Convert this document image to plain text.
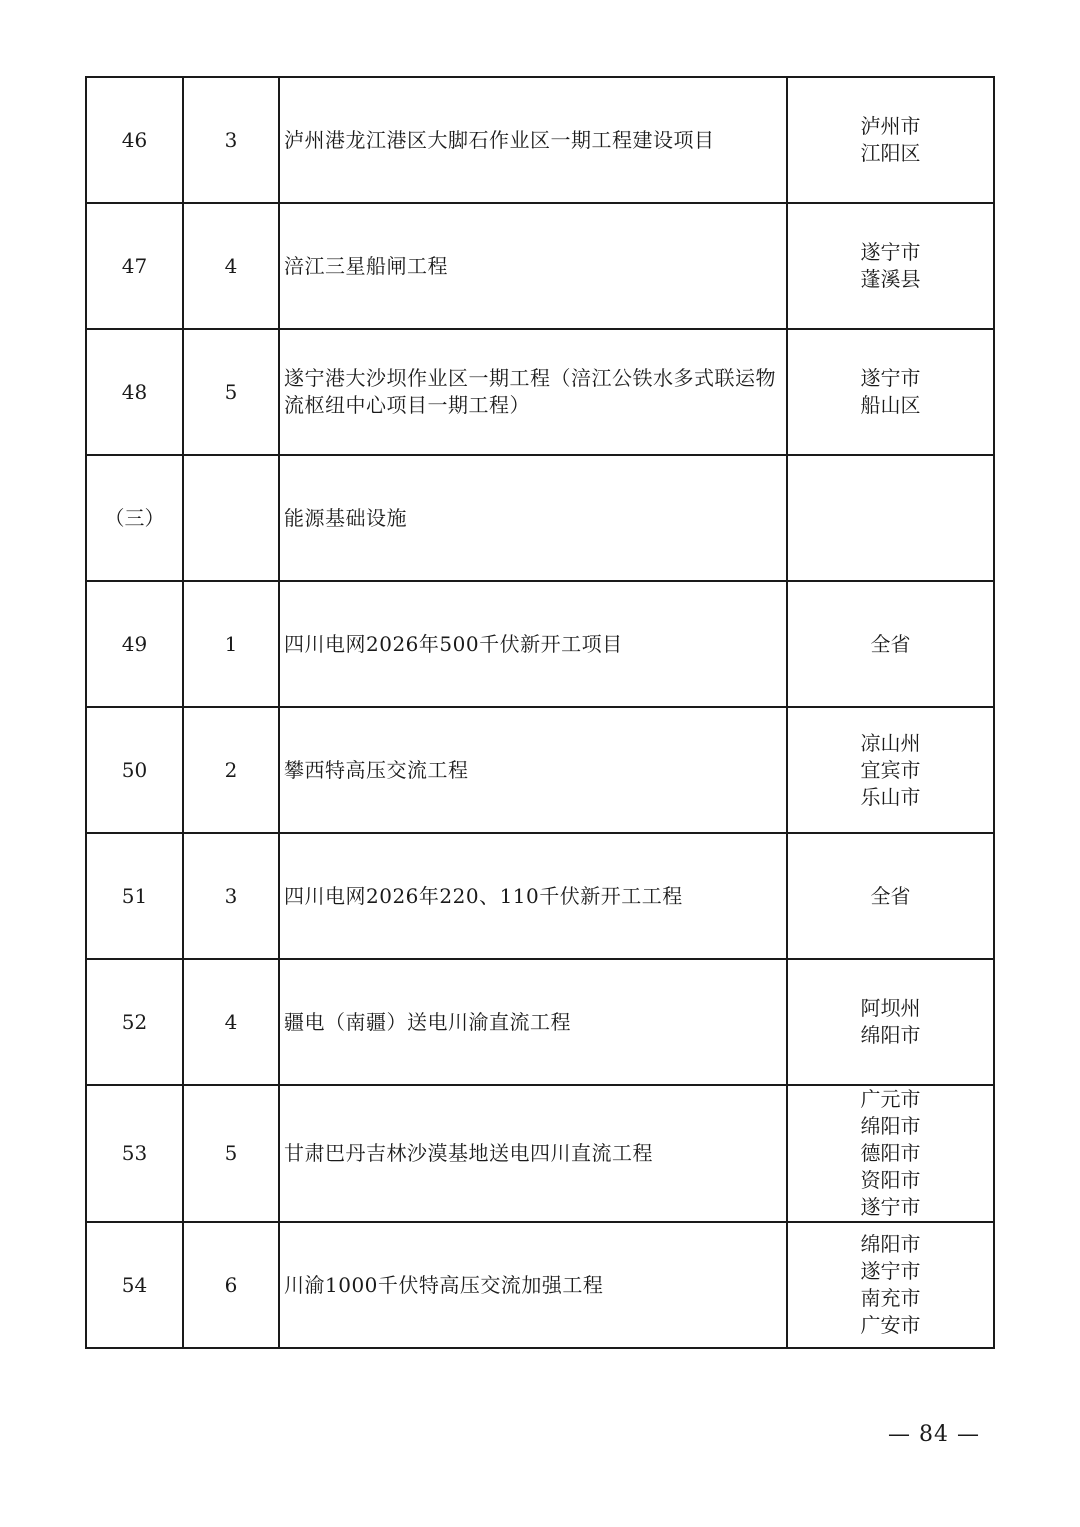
46	3	泸州港龙江港区大脚石作业区一期工程建设项目	泸州市
江阳区

47	4	涪江三星船闸工程	遂宁市
蓬溪县

48	5	遂宁港大沙坝作业区一期工程（涪江公铁水多式联运物流枢纽中心项目一期工程）	遂宁市
船山区

（三）		能源基础设施	
49	1	四川电网2026年500千伏新开工项目	全省

50	2	攀西特高压交流工程	凉山州
宜宾市
乐山市

51	3	四川电网2026年220、110千伏新开工工程	全省

52	4	疆电（南疆）送电川渝直流工程	阿坝州
绵阳市

53	5	甘肃巴丹吉林沙漠基地送电四川直流工程	广元市
绵阳市
德阳市
资阳市
遂宁市

54	6	川渝1000千伏特高压交流加强工程	绵阳市
遂宁市
南充市
广安市
— 84 —
